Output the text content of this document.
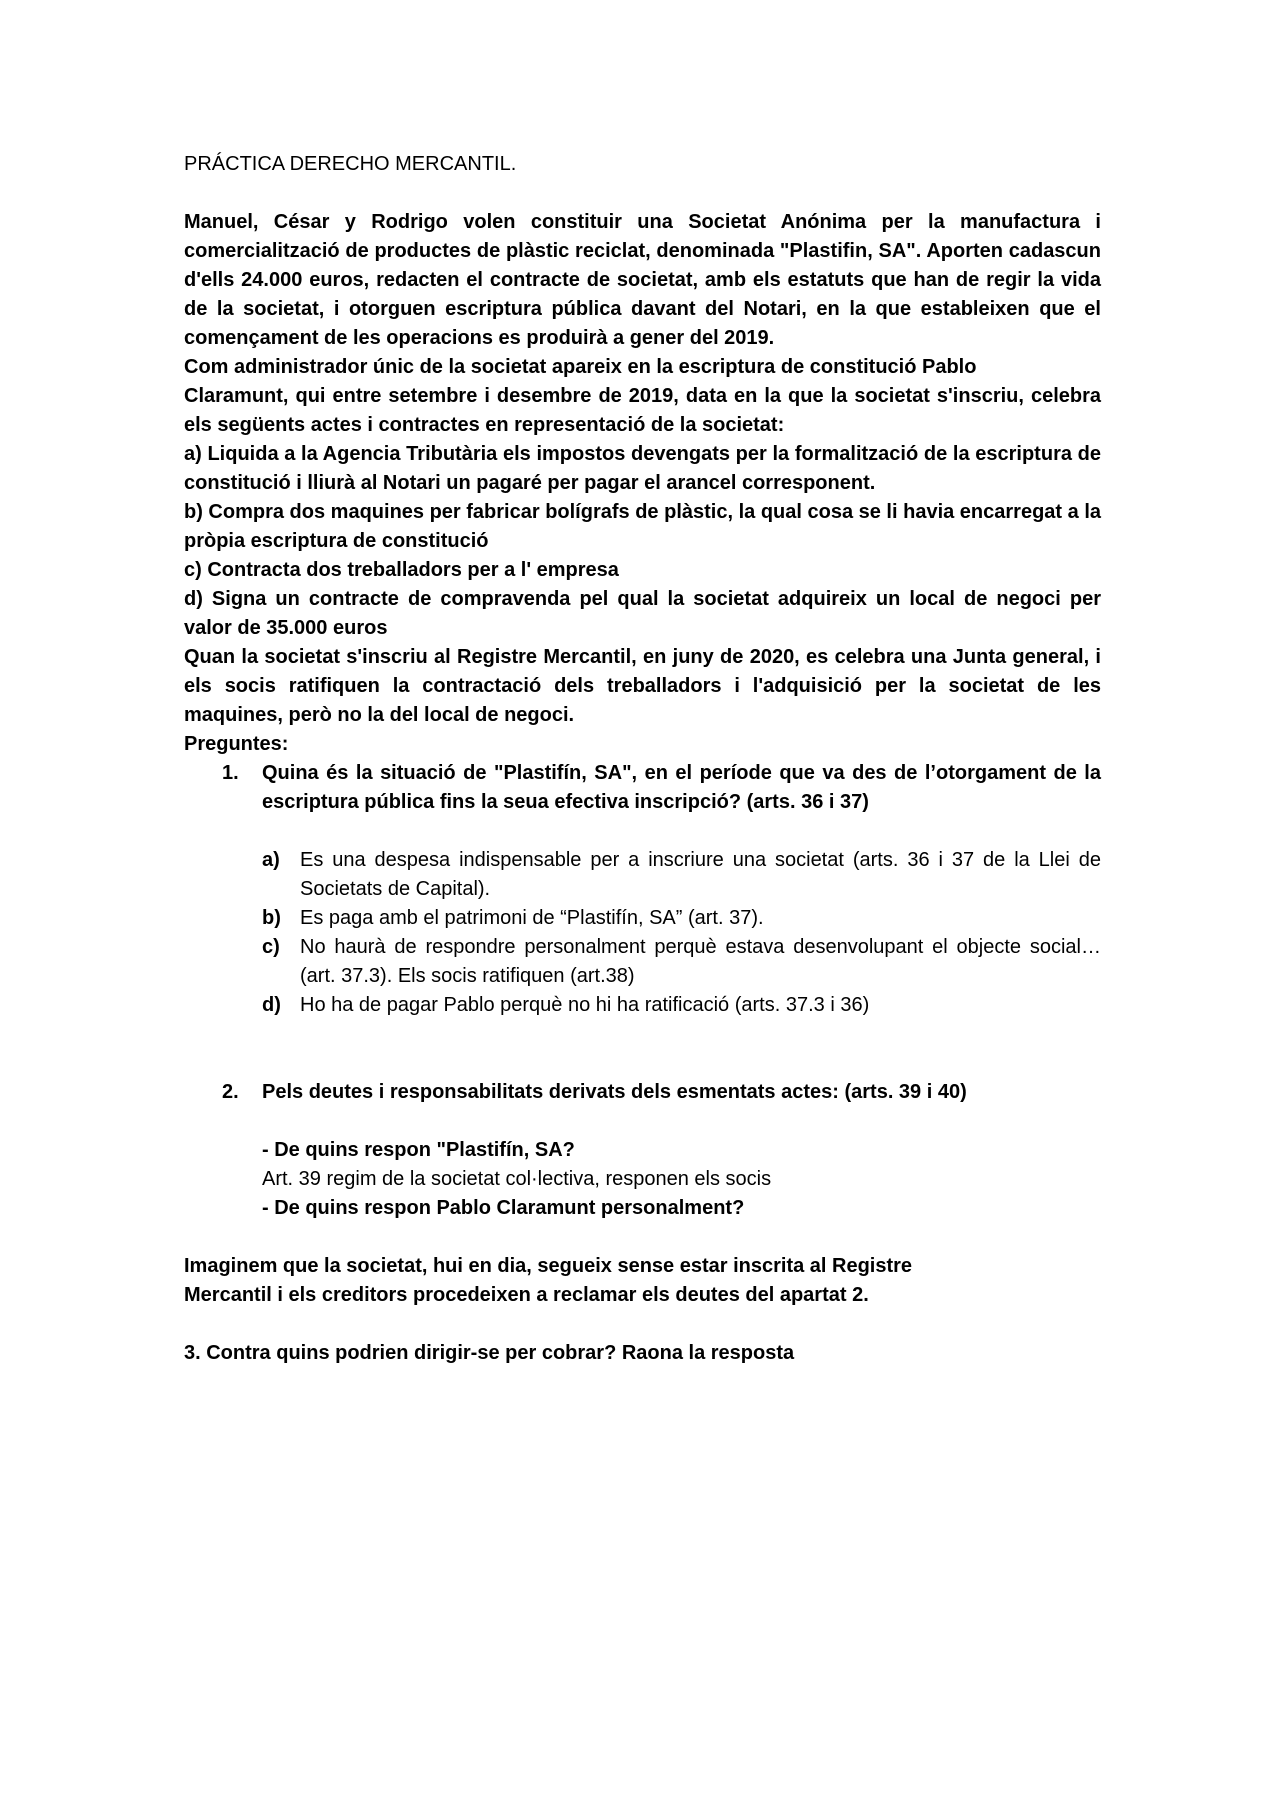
PRÁCTICA DERECHO MERCANTIL.

Manuel, César y Rodrigo volen constituir una Societat Anónima per la manufactura i comercialització de productes de plàstic reciclat, denominada "Plastifin, SA". Aporten cadascun d'ells 24.000 euros, redacten el contracte de societat, amb els estatuts que han de regir la vida de la societat, i otorguen escriptura pública davant del Notari, en la que estableixen que el començament de les operacions es produirà a gener del 2019.

Com administrador únic de la societat apareix en la escriptura de constitució Pablo

Claramunt, qui entre setembre i desembre de 2019, data en la que la societat s'inscriu, celebra els següents actes i contractes en representació de la societat:

a) Liquida a la Agencia Tributària els impostos devengats per la formalització de la escriptura de constitució i lliurà al Notari un pagaré per pagar el arancel corresponent.

b) Compra dos maquines per fabricar bolígrafs de plàstic, la qual cosa se li havia encarregat a la pròpia escriptura de constitució

c) Contracta dos treballadors per a l' empresa

d) Signa un contracte de compravenda pel qual la societat adquireix un local de negoci per valor de 35.000 euros

Quan la societat s'inscriu al Registre Mercantil, en juny de 2020, es celebra una Junta general, i els socis ratifiquen la contractació dels treballadors i l'adquisició per la societat de les maquines, però no la del local de negoci.

Preguntes:

1. Quina és la situació de "Plastifín, SA", en el període que va des de l’otorgament de la escriptura pública fins la seua efectiva inscripció? (arts. 36 i 37)
a) Es una despesa indispensable per a inscriure una societat (arts. 36 i 37 de la Llei de Societats de Capital).
b) Es paga amb el patrimoni de “Plastifín, SA” (art. 37).
c) No haurà de respondre personalment perquè estava desenvolupant el objecte social… (art. 37.3). Els socis ratifiquen (art.38)
d) Ho ha de pagar Pablo perquè no hi ha ratificació (arts. 37.3 i 36)
2. Pels deutes i responsabilitats derivats dels esmentats actes: (arts. 39 i 40)
- De quins respon "Plastifín, SA?
Art. 39 regim de la societat col·lectiva, responen els socis
- De quins respon Pablo Claramunt personalment?

Imaginem que la societat, hui en dia, segueix sense estar inscrita al Registre

Mercantil i els creditors procedeixen a reclamar els deutes del apartat 2.

3. Contra quins podrien dirigir-se per cobrar? Raona la resposta
